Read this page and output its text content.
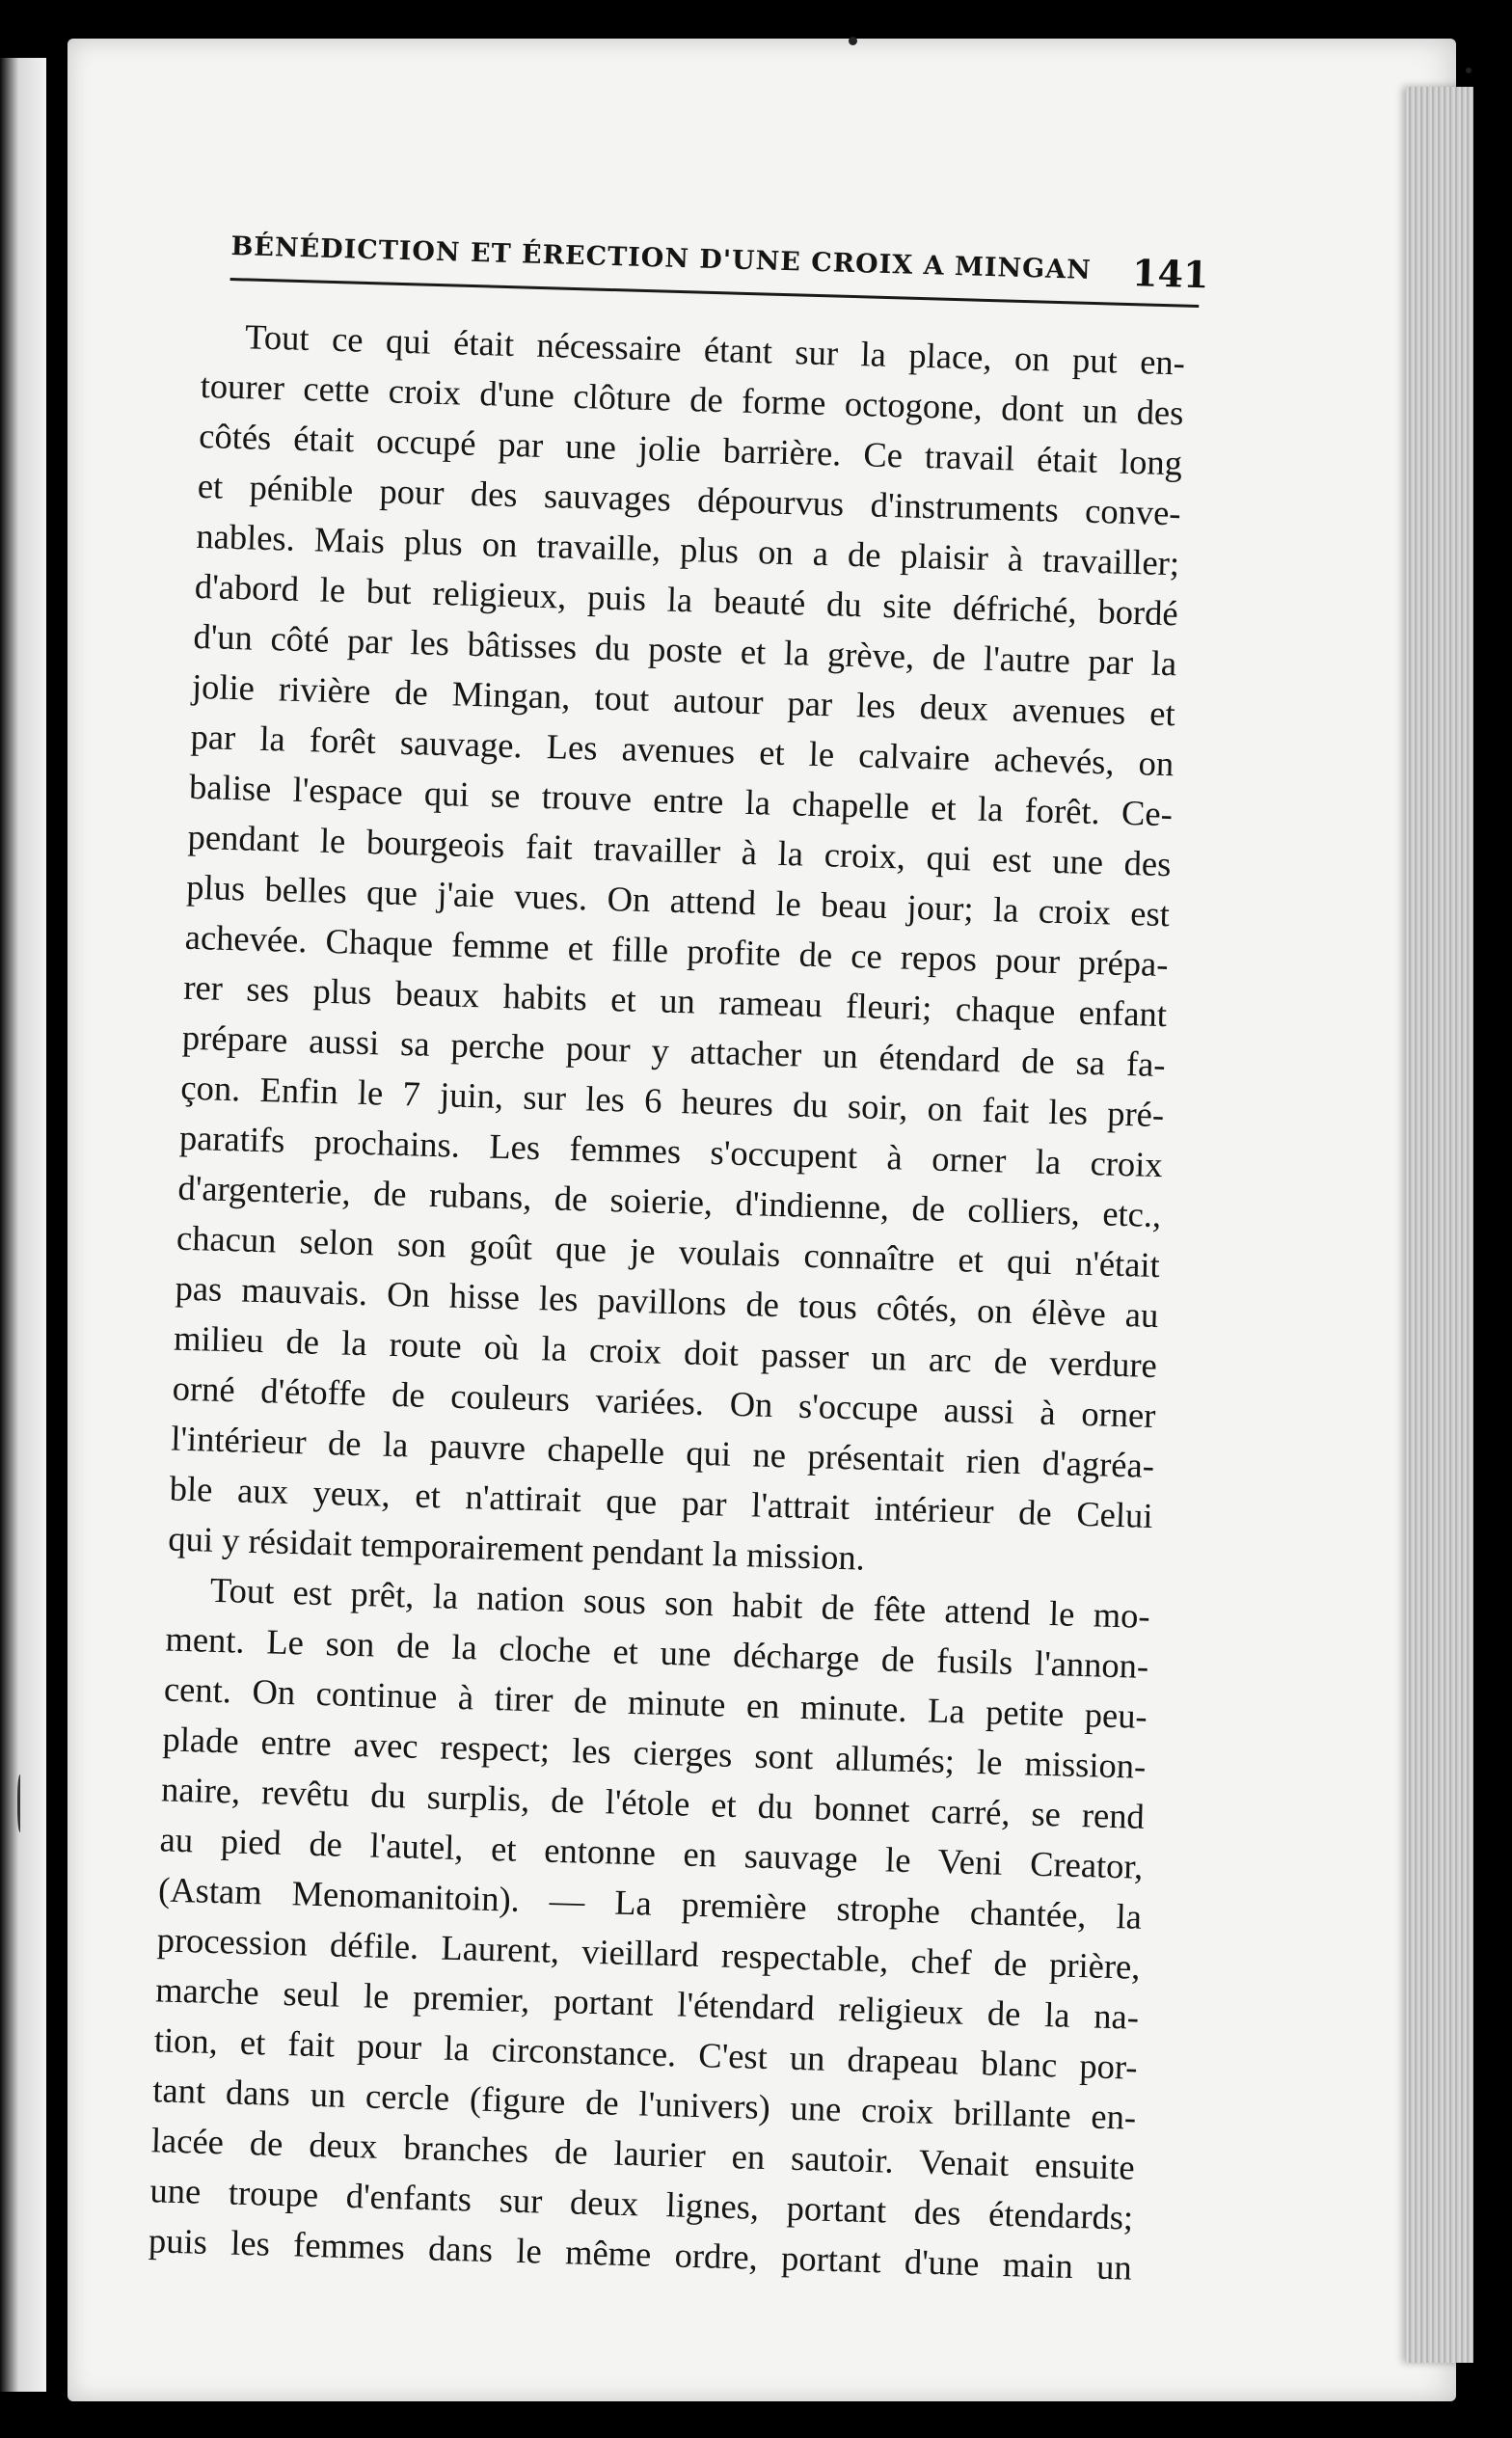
BÉNÉDICTION ET ÉRECTION D'UNE CROIX A MINGAN 141
Tout ce qui était nécessaire étant sur la place, on put en-
tourer cette croix d'une clôture de forme octogone, dont un des
côtés était occupé par une jolie barrière. Ce travail était long
et pénible pour des sauvages dépourvus d'instruments conve-
nables. Mais plus on travaille, plus on a de plaisir à travailler;
d'abord le but religieux, puis la beauté du site défriché, bordé
d'un côté par les bâtisses du poste et la grève, de l'autre par la
jolie rivière de Mingan, tout autour par les deux avenues et
par la forêt sauvage. Les avenues et le calvaire achevés, on
balise l'espace qui se trouve entre la chapelle et la forêt. Ce-
pendant le bourgeois fait travailler à la croix, qui est une des
plus belles que j'aie vues. On attend le beau jour; la croix est
achevée. Chaque femme et fille profite de ce repos pour prépa-
rer ses plus beaux habits et un rameau fleuri; chaque enfant
prépare aussi sa perche pour y attacher un étendard de sa fa-
çon. Enfin le 7 juin, sur les 6 heures du soir, on fait les pré-
paratifs prochains. Les femmes s'occupent à orner la croix
d'argenterie, de rubans, de soierie, d'indienne, de colliers, etc.,
chacun selon son goût que je voulais connaître et qui n'était
pas mauvais. On hisse les pavillons de tous côtés, on élève au
milieu de la route où la croix doit passer un arc de verdure
orné d'étoffe de couleurs variées. On s'occupe aussi à orner
l'intérieur de la pauvre chapelle qui ne présentait rien d'agréa-
ble aux yeux, et n'attirait que par l'attrait intérieur de Celui
qui y résidait temporairement pendant la mission.
Tout est prêt, la nation sous son habit de fête attend le mo-
ment. Le son de la cloche et une décharge de fusils l'annon-
cent. On continue à tirer de minute en minute. La petite peu-
plade entre avec respect; les cierges sont allumés; le mission-
naire, revêtu du surplis, de l'étole et du bonnet carré, se rend
au pied de l'autel, et entonne en sauvage le Veni Creator,
(Astam Menomanitoin). — La première strophe chantée, la
procession défile. Laurent, vieillard respectable, chef de prière,
marche seul le premier, portant l'étendard religieux de la na-
tion, et fait pour la circonstance. C'est un drapeau blanc por-
tant dans un cercle (figure de l'univers) une croix brillante en-
lacée de deux branches de laurier en sautoir. Venait ensuite
une troupe d'enfants sur deux lignes, portant des étendards;
puis les femmes dans le même ordre, portant d'une main un
